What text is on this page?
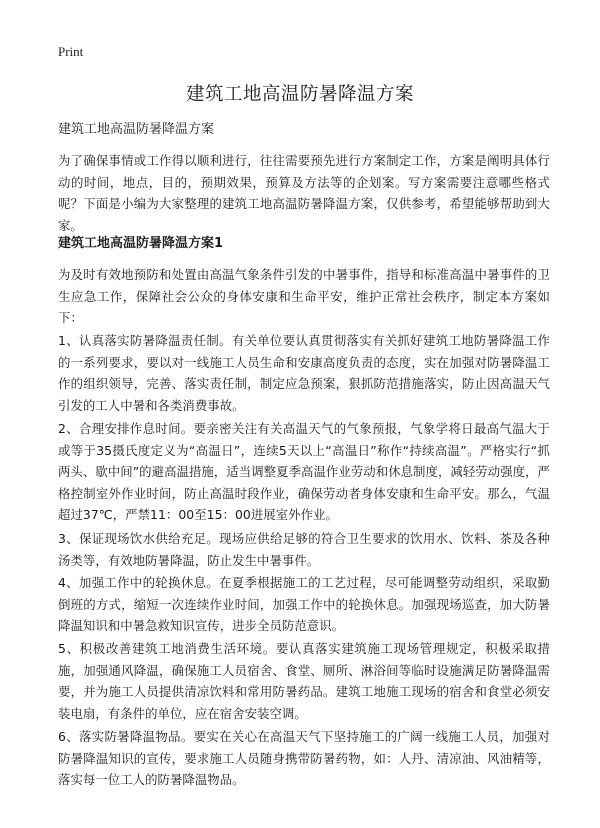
Print
建筑工地高温防暑降温方案

建筑工地高温防暑降温方案

为了确保事情或工作得以顺利进行，往往需要预先进行方案制定工作，方案是阐明具体行动的时间，地点，目的，预期效果，预算及方法等的企划案。写方案需要注意哪些格式呢？下面是小编为大家整理的建筑工地高温防暑降温方案，仅供参考，希望能够帮助到大家。

建筑工地高温防暑降温方案1

为及时有效地预防和处置由高温气象条件引发的中暑事件，指导和标准高温中暑事件的卫生应急工作，保障社会公众的身体安康和生命平安，维护正常社会秩序，制定本方案如下：

1、认真落实防暑降温责任制。有关单位要认真贯彻落实有关抓好建筑工地防暑降温工作的一系列要求，要以对一线施工人员生命和安康高度负责的态度，实在加强对防暑降温工作的组织领导，完善、落实责任制，制定应急预案，狠抓防范措施落实，防止因高温天气引发的工人中暑和各类消费事故。

2、合理安排作息时间。要亲密关注有关高温天气的气象预报，气象学将日最高气温大于或等于35摄氏度定义为“高温日”，连续5天以上“高温日”称作“持续高温”。严格实行“抓两头、歇中间”的避高温措施，适当调整夏季高温作业劳动和休息制度，减轻劳动强度，严格控制室外作业时间，防止高温时段作业，确保劳动者身体安康和生命平安。那么，气温超过37℃，严禁11：00至15：00进展室外作业。

3、保证现场饮水供给充足。现场应供给足够的符合卫生要求的饮用水、饮料、茶及各种汤类等，有效地防暑降温，防止发生中暑事件。

4、加强工作中的轮换休息。在夏季根据施工的工艺过程，尽可能调整劳动组织，采取勤倒班的方式，缩短一次连续作业时间，加强工作中的轮换休息。加强现场巡查，加大防暑降温知识和中暑急救知识宣传，进步全员防范意识。

5、积极改善建筑工地消费生活环境。要认真落实建筑施工现场管理规定，积极采取措施，加强通风降温，确保施工人员宿舍、食堂、厕所、淋浴间等临时设施满足防暑降温需要，并为施工人员提供清凉饮料和常用防暑药品。建筑工地施工现场的宿舍和食堂必须安装电扇，有条件的单位，应在宿舍安装空调。

6、落实防暑降温物品。要实在关心在高温天气下坚持施工的广阔一线施工人员，加强对防暑降温知识的宣传，要求施工人员随身携带防暑药物，如：人丹、清凉油、风油精等，落实每一位工人的防暑降温物品。
